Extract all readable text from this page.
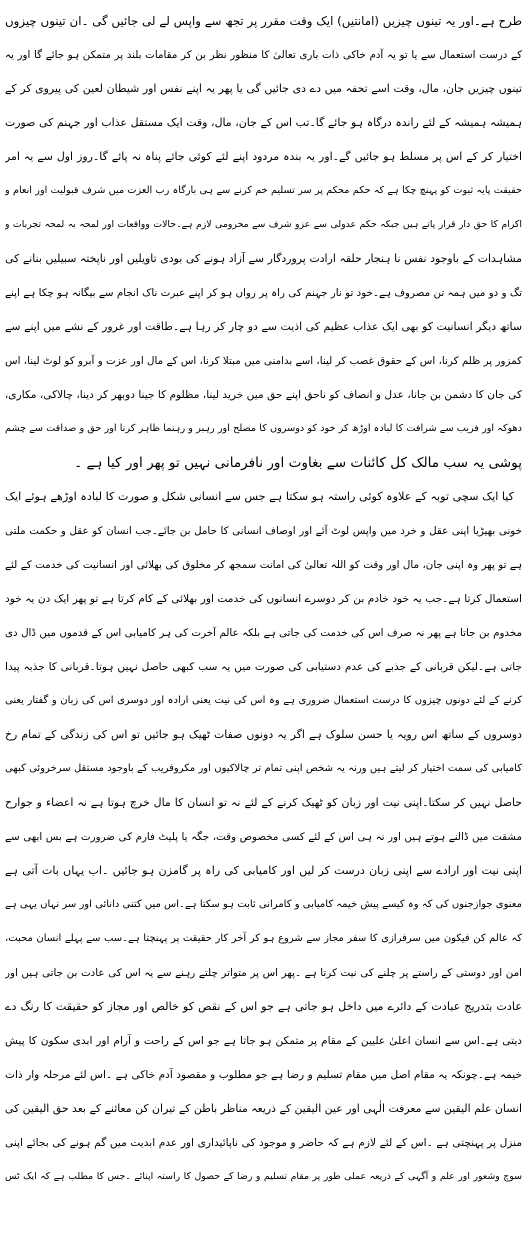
طرح ہے۔اور یہ تینوں چیزیں (امانتیں) ایک وقت مقرر پر تجھ سے واپس لے لی جائیں گی ۔ان تینوں چیزوں
کے درست استعمال سے یا تو یہ آدم خاکی ذات باری تعالیٰ کا منظور نظر بن کر مقامات بلند پر متمکن ہو جائے گا اور یہ
تینوں چیزیں جان، مال، وقت اسے تحفہ میں دے دی جائیں گی یا پھر یہ اپنے نفس اور شیطان لعین کی پیروی کر کے
ہمیشہ ہمیشہ کے لئے راندہ درگاہ ہو جائے گا۔تب اس کے جان، مال، وقت ایک مستقل عذاب اور جہنم کی صورت
اختیار کر کے اس پر مسلط ہو جائیں گے۔اور یہ بندہ مردود اپنے لئے کوئی جائے پناہ نہ پائے گا۔روز اول سے یہ امر
حقیقت پایہ ثبوت کو پہنچ چکا ہے کہ حکم محکم پر سر تسلیم خم کرنے سے ہی بارگاہ رب العزت میں شرف قبولیت اور انعام و
اکرام کا حق دار قرار پاتے ہیں جبکہ حکم عدولی سے عزو شرف سے محرومی لازم ہے۔حالات وواقعات اور لمحہ بہ لمحہ تجربات و
مشاہدات کے باوجود نفس نا ہنجار حلقہ ارادت پروردگار سے آزاد ہونے کی بودی تاویلیں اور ناپختہ سبیلیں بنانے کی
تگ و دو میں ہمہ تن مصروف ہے۔خود تو نار جہنم کی راہ پر رواں ہو کر اپنے عبرت ناک انجام سے بیگانہ ہو چکا ہے اپنے
ساتھ دیگر انسانیت کو بھی ایک عذاب عظیم کی اذیت سے دو چار کر رہا ہے۔طاقت اور غرور کے نشے میں اپنے سے
کمزور پر ظلم کرنا، اس کے حقوق غصب کر لینا، اسے بدامنی میں مبتلا کرنا، اس کے مال اور عزت و آبرو کو لوٹ لینا، اس
کی جان کا دشمن بن جانا، عدل و انصاف کو ناحق اپنے حق میں خرید لینا، مظلوم کا جینا دوبھر کر دینا، چالاکی، مکاری،
دھوکہ اور فریب سے شرافت کا لبادہ اوڑھ کر خود کو دوسروں کا مصلح اور رہبر و رہنما ظاہر کرنا اور حق و صداقت سے چشم
پوشی یہ سب مالک کل کائنات سے بغاوت اور نافرمانی نہیں تو پھر اور کیا ہے ۔
کیا ایک سچی توبہ کے علاوہ کوئی راستہ ہو سکتا ہے جس سے انسانی شکل و صورت کا لبادہ اوڑھے ہوئے ایک
خونی بھیڑیا اپنی عقل و خرد میں واپس لوٹ آئے اور اوصاف انسانی کا حامل بن جائے۔جب انسان کو عقل و حکمت ملتی
ہے تو پھر وہ اپنی جان، مال اور وقت کو اللہ تعالیٰ کی امانت سمجھ کر مخلوق کی بھلائی اور انسانیت کی خدمت کے لئے
استعمال کرتا ہے۔جب یہ خود خادم بن کر دوسرے انسانوں کی خدمت اور بھلائی کے کام کرتا ہے تو پھر ایک دن یہ خود
مخدوم بن جاتا ہے پھر نہ صرف اس کی خدمت کی جاتی ہے بلکہ عالم آخرت کی ہر کامیابی اس کے قدموں میں ڈال دی
جاتی ہے۔لیکن قربانی کے جذبے کی عدم دستیابی کی صورت میں یہ سب کبھی حاصل نہیں ہوتا۔قربانی کا جذبہ پیدا
کرنے کے لئے دونوں چیزوں کا درست استعمال ضروری ہے وہ اس کی نیت یعنی ارادہ اور دوسری اس کی زبان و گفتار یعنی
دوسروں کے ساتھ اس رویہ یا حسن سلوک ہے اگر یہ دونوں صفات ٹھیک ہو جائیں تو اس کی زندگی کے تمام رخ
کامیابی کی سمت اختیار کر لیتے ہیں ورنہ یہ شخص اپنی تمام تر چالاکیوں اور مکروفریب کے باوجود مستقل سرخروئی کبھی
حاصل نہیں کر سکتا۔اپنی نیت اور زبان کو ٹھیک کرنے کے لئے نہ تو انسان کا مال خرچ ہوتا ہے نہ اعضاء و جوارح
مشقت میں ڈالنے ہوتے ہیں اور نہ ہی اس کے لئے کسی مخصوص وقت، جگہ یا پلیٹ فارم کی ضرورت ہے بس ابھی سے
اپنی نیت اور ارادے سے اپنی زبان درست کر لیں اور کامیابی کی راہ پر گامزن ہو جائیں ۔اب یہاں بات آتی ہے
معنوی جوازجنوں کی کہ وہ کیسے پیش خیمہ کامیابی و کامرانی ثابت ہو سکتا ہے۔اس میں کتنی دانائی اور سر نہاں یہی ہے
کہ عالم کن فیکون میں سرفرازی کا سفر مجاز سے شروع ہو کر آخر کار حقیقت پر پہنچتا ہے۔سب سے پہلے انسان محبت،
امن اور دوستی کے راستے پر چلنے کی نیت کرتا ہے ۔پھر اس پر متواتر چلتے رہنے سے یہ اس کی عادت بن جاتی ہیں اور
عادت بتدریج عبادت کے دائرے میں داخل ہو جاتی ہے جو اس کے نقص کو خالص اور مجاز کو حقیقت کا رنگ دے
دیتی ہے۔اس سے انسان اعلیٰ علیین کے مقام پر متمکن ہو جاتا ہے جو اس کے راحت و آرام اور ابدی سکون کا پیش
خیمہ ہے۔چونکہ یہ مقام اصل میں مقام تسلیم و رضا ہے جو مطلوب و مقصود آدم خاکی ہے ۔اس لئے مرحلہ وار ذات
انسان علم الیقین سے معرفت الٰہی اور عین الیقین کے ذریعہ مناظر باطن کے تیران کن معائنے کے بعد حق الیقین کی
منزل پر پہنچتی ہے ۔اس کے لئے لازم ہے کہ حاضر و موجود کی ناپائیداری اور عدم ابدیت میں گم ہونے کی بجائے اپنی
سوچ وشعور اور علم و آگہی کے ذریعہ عملی طور پر مقام تسلیم و رضا کے حصول کا راستہ اپنائے ۔جس کا مطلب ہے کہ ایک ٹس
